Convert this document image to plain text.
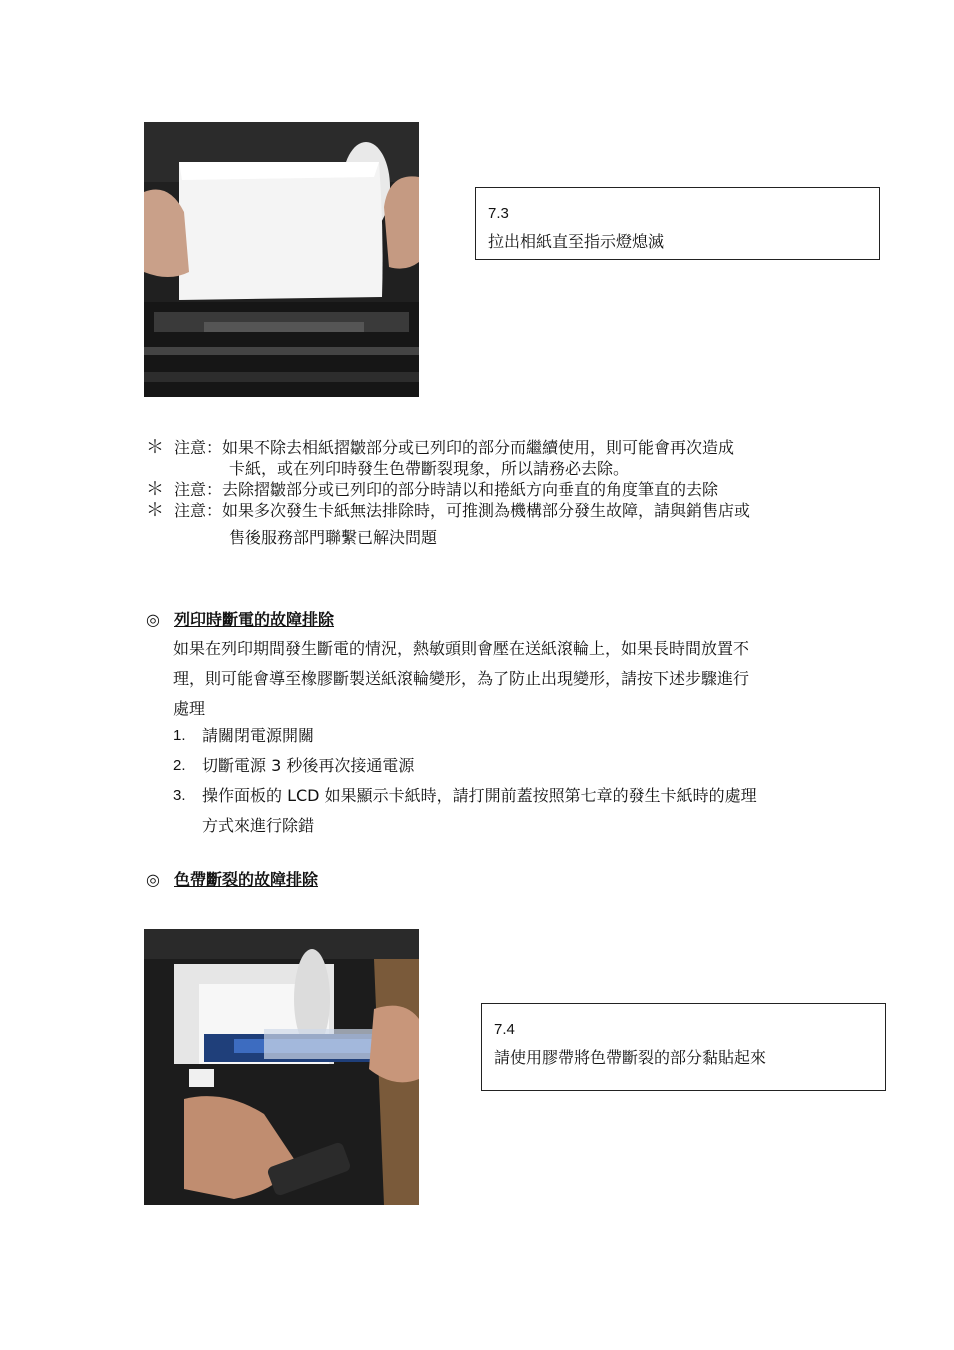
7.3
拉出相紙直至指示燈熄滅
＊ 注意：如果不除去相紙摺皺部分或已列印的部分而繼續使用，則可能會再次造成
卡紙，或在列印時發生色帶斷裂現象，所以請務必去除。
＊ 注意：去除摺皺部分或已列印的部分時請以和捲紙方向垂直的角度筆直的去除
＊ 注意：如果多次發生卡紙無法排除時，可推測為機構部分發生故障，請與銷售店或
售後服務部門聯繫已解決問題
◎ 列印時斷電的故障排除
如果在列印期間發生斷電的情況，熱敏頭則會壓在送紙滾輪上，如果長時間放置不
理，則可能會導至橡膠斷製送紙滾輪變形，為了防止出現變形，請按下述步驟進行
處理
1. 請關閉電源開關
2. 切斷電源 3 秒後再次接通電源
3. 操作面板的 LCD 如果顯示卡紙時，請打開前蓋按照第七章的發生卡紙時的處理
方式來進行除錯
◎ 色帶斷裂的故障排除
7.4
請使用膠帶將色帶斷裂的部分黏貼起來
